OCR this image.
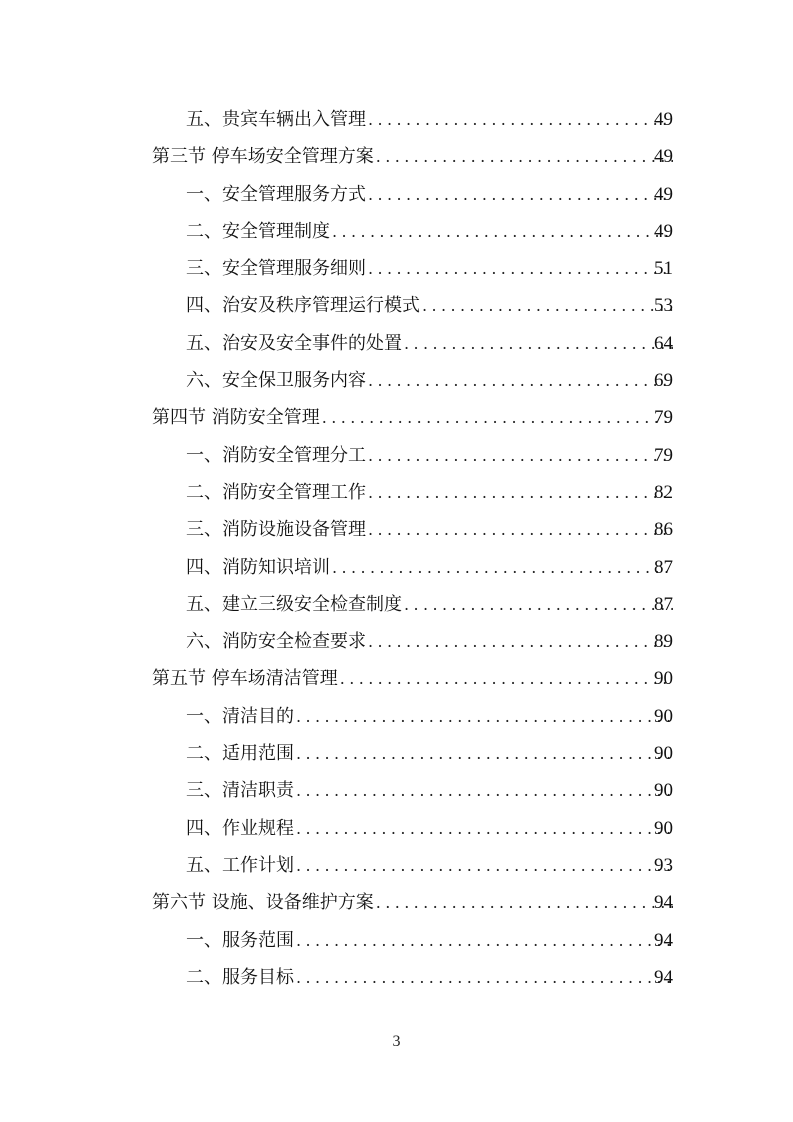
五、贵宾车辆出入管理 .....	49
第三节 停车场安全管理方案 .....	49
一、安全管理服务方式 .....	49
二、安全管理制度 .....	49
三、安全管理服务细则 .....	51
四、治安及秩序管理运行模式 .....	53
五、治安及安全事件的处置 .....	64
六、安全保卫服务内容 .....	69
第四节 消防安全管理 .....	79
一、消防安全管理分工 .....	79
二、消防安全管理工作 .....	82
三、消防设施设备管理 .....	86
四、消防知识培训 .....	87
五、建立三级安全检查制度 .....	87
六、消防安全检查要求 .....	89
第五节 停车场清洁管理 .....	90
一、清洁目的 .....	90
二、适用范围 .....	90
三、清洁职责 .....	90
四、作业规程 .....	90
五、工作计划 .....	93
第六节 设施、设备维护方案 .....	94
一、服务范围 .....	94
二、服务目标 .....	94
3
